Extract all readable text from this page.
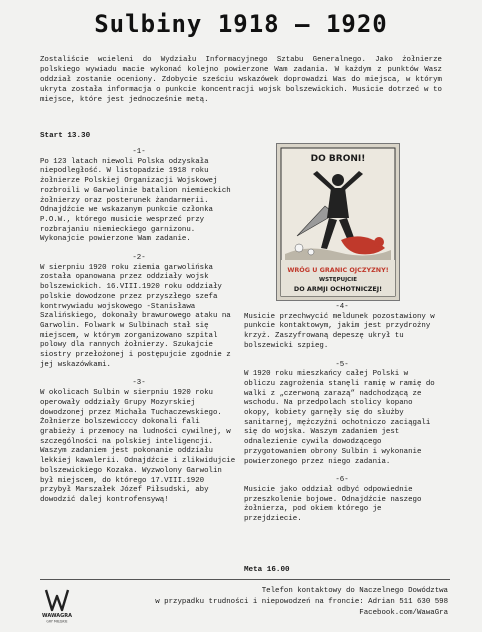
Sulbiny 1918 – 1920
Zostaliście wcieleni do Wydziału Informacyjnego Sztabu Generalnego. Jako żołnierze polskiego wywiadu macie wykonać kolejno powierzone Wam zadania. W każdym z punktów Wasz oddział zostanie oceniony. Zdobycie sześciu wskazówek doprowadzi Was do miejsca, w którym ukryta została informacja o punkcie koncentracji wojsk bolszewickich. Musicie dotrzeć w to miejsce, które jest jednocześnie metą.
Start 13.30

-1-

Po 123 latach niewoli Polska odzyskała niepodległość. W listopadzie 1918 roku żołnierze Polskiej Organizacji Wojskowej rozbroili w Garwolinie batalion niemieckich żołnierzy oraz posterunek żandarmerii. Odnajdźcie we wskazanym punkcie członka P.O.W., którego musicie wesprzeć przy rozbrajaniu niemieckiego garnizonu. Wykonajcie powierzone Wam zadanie.

-2-

W sierpniu 1920 roku ziemia garwolińska została opanowana przez oddziały wojsk bolszewickich. 16.VIII.1920 roku oddziały polskie dowodzone przez przyszłego szefa kontrwywiadu wojskowego -Stanisława Szalińskiego, dokonały brawurowego ataku na Garwolin. Folwark w Sulbinach stał się miejscem, w którym zorganizowano szpital polowy dla rannych żołnierzy. Szukajcie siostry przełożonej i postępujcie zgodnie z jej wskazówkami.

-3-

W okolicach Sulbin w sierpniu 1920 roku operowały oddziały Grupy Mozyrskiej dowodzonej przez Michała Tuchaczewskiego. Żołnierze bolszewicccy dokonali fali grabieży i przemocy na ludności cywilnej, w szczególności na polskiej inteligencji. Waszym zadaniem jest pokonanie oddziału lekkiej kawalerii. Odnajdźcie i zlikwidujcie bolszewickiego Kozaka. Wyzwolony Garwolin był miejscem, do którego 17.VIII.1920 przybył Marszałek Józef Piłsudski, aby dowodzić dalej kontrofensywą!

DO BRONI!
WRÓG U GRANIC OJCZYZNY!
WSTĘPUJCIE
DO ARMJI OCHOTNICZEJ!

-4-

Musicie przechwycić meldunek pozostawiony w punkcie kontaktowym, jakim jest przydrożny krzyż. Zaszyfrowaną depeszę ukrył tu bolszewicki szpieg.

-5-

W 1920 roku mieszkańcy całej Polski w obliczu zagrożenia stanęli ramię w ramię do walki z „czerwoną zarazą” nadchodzącą ze wschodu. Na przedpolach stolicy kopano okopy, kobiety garnęły się do służby sanitarnej, mężczyźni ochotniczo zaciągali się do wojska. Waszym zadaniem jest odnalezienie cywila dowodzącego przygotowaniem obrony Sulbin i wykonanie powierzonego przez niego zadania.

-6-

Musicie jako oddział odbyć odpowiednie przeszkolenie bojowe. Odnajdźcie naszego żołnierza, pod okiem którego je przejdziecie.

Meta 16.00
WAWAGRA
GRY MIEJSKIE
Telefon kontaktowy do Naczelnego Dowództwa
w przypadku trudności i niepowodzeń na froncie: Adrian 511 630 598
Facebook.com/WawaGra
